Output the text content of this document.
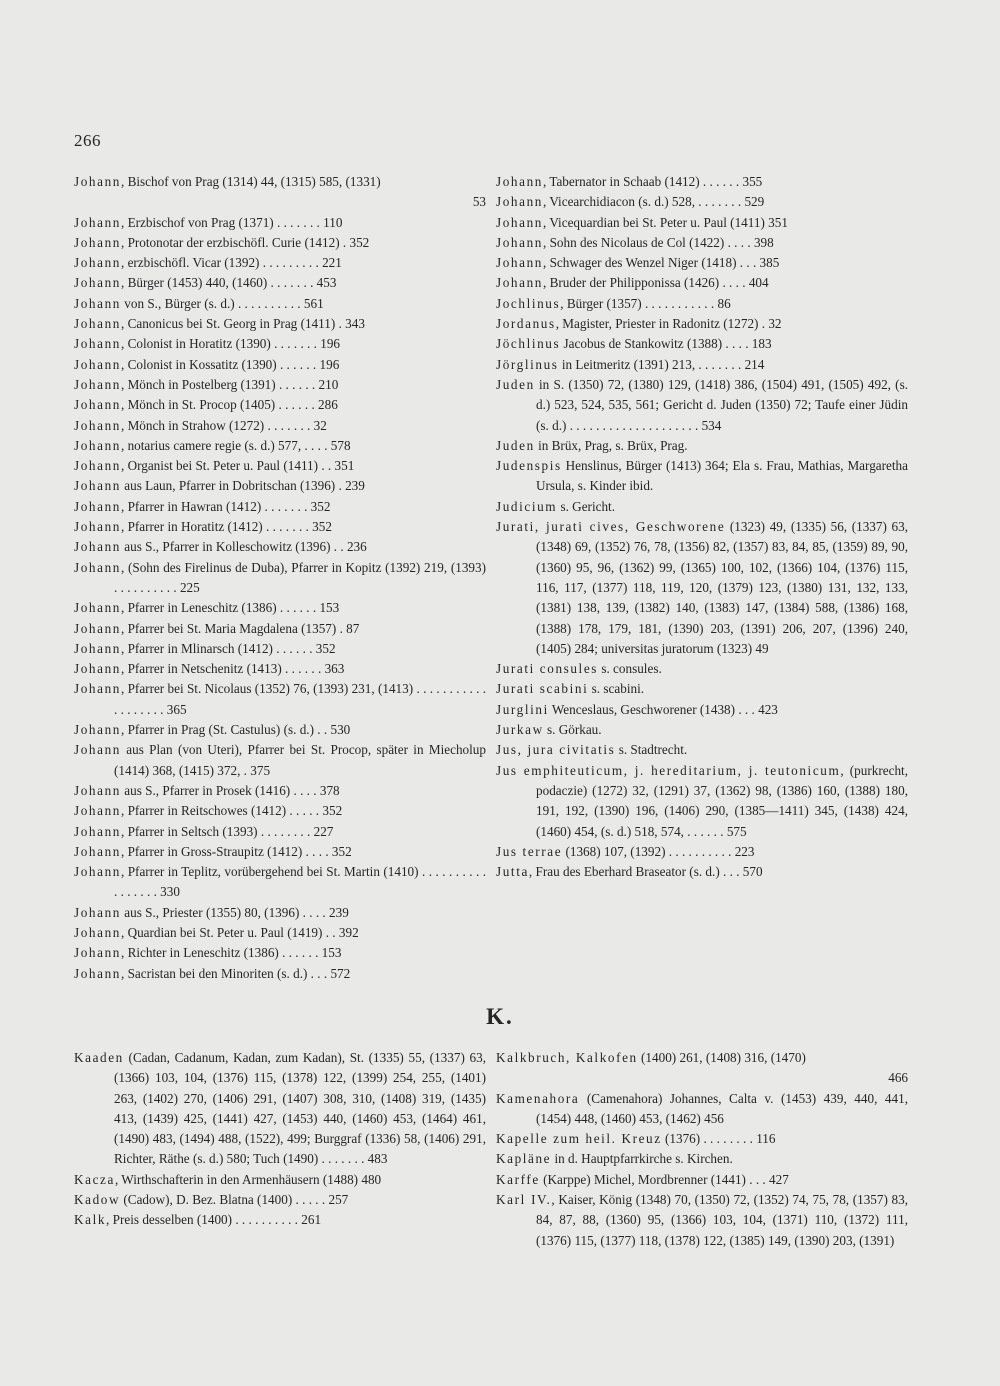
266

Johann, Bischof von Prag (1314) 44, (1315) 585, (1331)
53

Johann, Erzbischof von Prag (1371) . . . . . . . 110

Johann, Protonotar der erzbischöfl. Curie (1412) . 352

Johann, erzbischöfl. Vicar (1392) . . . . . . . . . 221

Johann, Bürger (1453) 440, (1460) . . . . . . . 453

Johann von S., Bürger (s. d.) . . . . . . . . . . 561

Johann, Canonicus bei St. Georg in Prag (1411) . 343

Johann, Colonist in Horatitz (1390) . . . . . . . 196

Johann, Colonist in Kossatitz (1390) . . . . . . 196

Johann, Mönch in Postelberg (1391) . . . . . . 210

Johann, Mönch in St. Procop (1405) . . . . . . 286

Johann, Mönch in Strahow (1272) . . . . . . . 32

Johann, notarius camere regie (s. d.) 577, . . . . 578

Johann, Organist bei St. Peter u. Paul (1411) . . 351

Johann aus Laun, Pfarrer in Dobritschan (1396) . 239

Johann, Pfarrer in Hawran (1412) . . . . . . . 352

Johann, Pfarrer in Horatitz (1412) . . . . . . . 352

Johann aus S., Pfarrer in Kolleschowitz (1396) . . 236

Johann, (Sohn des Firelinus de Duba), Pfarrer in Kopitz (1392) 219, (1393) . . . . . . . . . . 225

Johann, Pfarrer in Leneschitz (1386) . . . . . . 153

Johann, Pfarrer bei St. Maria Magdalena (1357) . 87

Johann, Pfarrer in Mlinarsch (1412) . . . . . . 352

Johann, Pfarrer in Netschenitz (1413) . . . . . . 363

Johann, Pfarrer bei St. Nicolaus (1352) 76, (1393) 231, (1413) . . . . . . . . . . . . . . . . . . . 365

Johann, Pfarrer in Prag (St. Castulus) (s. d.) . . 530

Johann aus Plan (von Uteri), Pfarrer bei St. Procop, später in Miecholup (1414) 368, (1415) 372, . 375

Johann aus S., Pfarrer in Prosek (1416) . . . . 378

Johann, Pfarrer in Reitschowes (1412) . . . . . 352

Johann, Pfarrer in Seltsch (1393) . . . . . . . . 227

Johann, Pfarrer in Gross-Straupitz (1412) . . . . 352

Johann, Pfarrer in Teplitz, vorübergehend bei St. Martin (1410) . . . . . . . . . . . . . . . . . 330

Johann aus S., Priester (1355) 80, (1396) . . . . 239

Johann, Quardian bei St. Peter u. Paul (1419) . . 392

Johann, Richter in Leneschitz (1386) . . . . . . 153

Johann, Sacristan bei den Minoriten (s. d.) . . . 572

Johann, Tabernator in Schaab (1412) . . . . . . 355

Johann, Vicearchidiacon (s. d.) 528, . . . . . . . 529

Johann, Vicequardian bei St. Peter u. Paul (1411) 351

Johann, Sohn des Nicolaus de Col (1422) . . . . 398

Johann, Schwager des Wenzel Niger (1418) . . . 385

Johann, Bruder der Philipponissa (1426) . . . . 404

Jochlinus, Bürger (1357) . . . . . . . . . . . 86

Jordanus, Magister, Priester in Radonitz (1272) . 32

Jöchlinus Jacobus de Stankowitz (1388) . . . . 183

Jörglinus in Leitmeritz (1391) 213, . . . . . . . 214

Juden in S. (1350) 72, (1380) 129, (1418) 386, (1504) 491, (1505) 492, (s. d.) 523, 524, 535, 561; Gericht d. Juden (1350) 72; Taufe einer Jüdin (s. d.) . . . . . . . . . . . . . . . . . . . . 534

Juden in Brüx, Prag, s. Brüx, Prag.

Judenspis Henslinus, Bürger (1413) 364; Ela s. Frau, Mathias, Margaretha Ursula, s. Kinder ibid.

Judicium s. Gericht.

Jurati, jurati cives, Geschworene (1323) 49, (1335) 56, (1337) 63, (1348) 69, (1352) 76, 78, (1356) 82, (1357) 83, 84, 85, (1359) 89, 90, (1360) 95, 96, (1362) 99, (1365) 100, 102, (1366) 104, (1376) 115, 116, 117, (1377) 118, 119, 120, (1379) 123, (1380) 131, 132, 133, (1381) 138, 139, (1382) 140, (1383) 147, (1384) 588, (1386) 168, (1388) 178, 179, 181, (1390) 203, (1391) 206, 207, (1396) 240, (1405) 284; universitas juratorum (1323) 49

Jurati consules s. consules.

Jurati scabini s. scabini.

Jurglini Wenceslaus, Geschworener (1438) . . . 423

Jurkaw s. Görkau.

Jus, jura civitatis s. Stadtrecht.

Jus emphiteuticum, j. hereditarium, j. teutonicum, (purkrecht, podaczie) (1272) 32, (1291) 37, (1362) 98, (1386) 160, (1388) 180, 191, 192, (1390) 196, (1406) 290, (1385—1411) 345, (1438) 424, (1460) 454, (s. d.) 518, 574, . . . . . . 575

Jus terrae (1368) 107, (1392) . . . . . . . . . . 223

Jutta, Frau des Eberhard Braseator (s. d.) . . . 570

K.

Kaaden (Cadan, Cadanum, Kadan, zum Kadan), St. (1335) 55, (1337) 63, (1366) 103, 104, (1376) 115, (1378) 122, (1399) 254, 255, (1401) 263, (1402) 270, (1406) 291, (1407) 308, 310, (1408) 319, (1435) 413, (1439) 425, (1441) 427, (1453) 440, (1460) 453, (1464) 461, (1490) 483, (1494) 488, (1522), 499; Burggraf (1336) 58, (1406) 291, Richter, Räthe (s. d.) 580; Tuch (1490) . . . . . . . 483

Kacza, Wirthschafterin in den Armenhäusern (1488) 480

Kadow (Cadow), D. Bez. Blatna (1400) . . . . . 257

Kalk, Preis desselben (1400) . . . . . . . . . . 261

Kalkbruch, Kalkofen (1400) 261, (1408) 316, (1470)
466

Kamenahora (Camenahora) Johannes, Calta v. (1453) 439, 440, 441, (1454) 448, (1460) 453, (1462) 456

Kapelle zum heil. Kreuz (1376) . . . . . . . . 116

Kapläne in d. Hauptpfarrkirche s. Kirchen.

Karffe (Karppe) Michel, Mordbrenner (1441) . . . 427

Karl IV., Kaiser, König (1348) 70, (1350) 72, (1352) 74, 75, 78, (1357) 83, 84, 87, 88, (1360) 95, (1366) 103, 104, (1371) 110, (1372) 111, (1376) 115, (1377) 118, (1378) 122, (1385) 149, (1390) 203, (1391)
